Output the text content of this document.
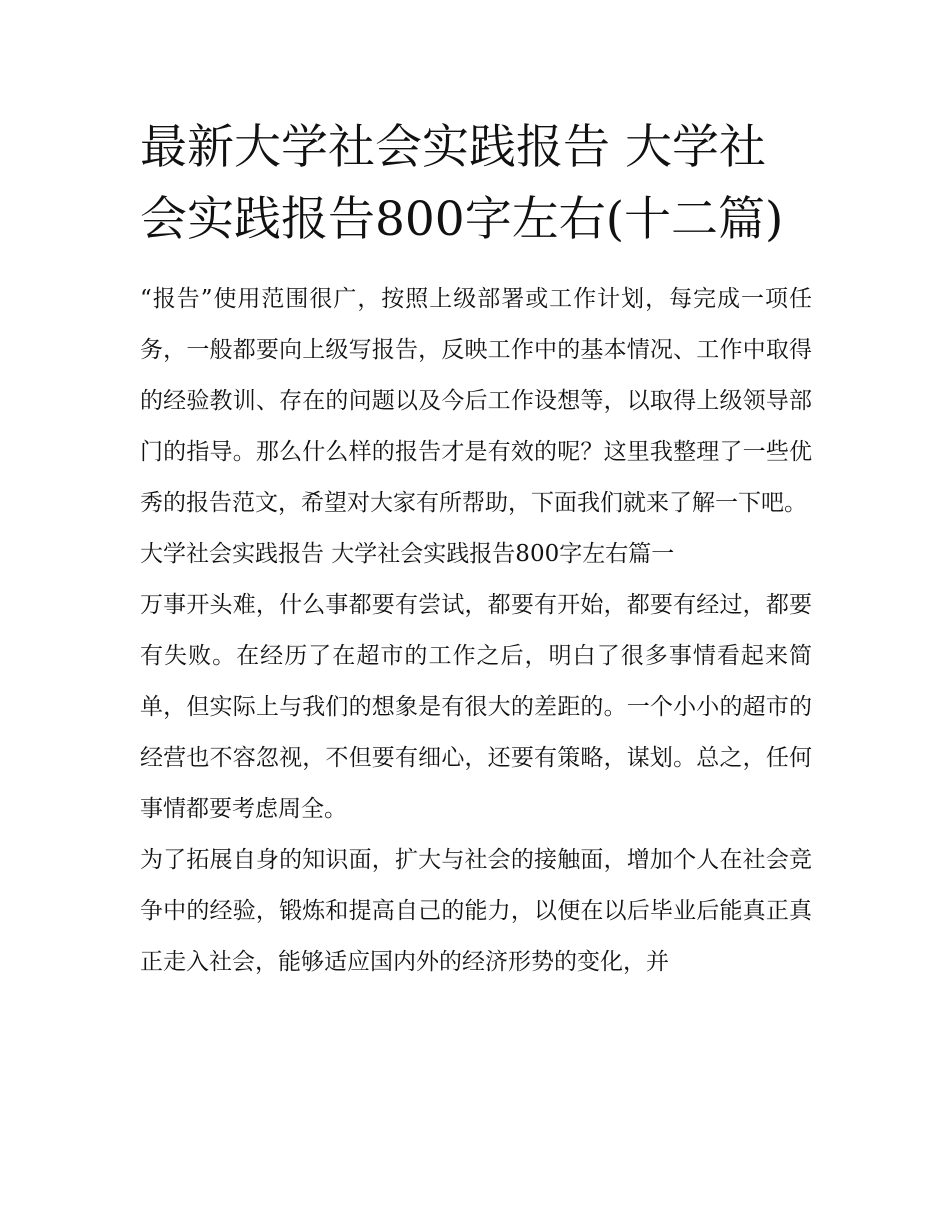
最新大学社会实践报告 大学社会实践报告800字左右(十二篇)

“报告”使用范围很广，按照上级部署或工作计划，每完成一项任务，一般都要向上级写报告，反映工作中的基本情况、工作中取得的经验教训、存在的问题以及今后工作设想等，以取得上级领导部门的指导。那么什么样的报告才是有效的呢？这里我整理了一些优秀的报告范文，希望对大家有所帮助，下面我们就来了解一下吧。

大学社会实践报告 大学社会实践报告800字左右篇一

万事开头难，什么事都要有尝试，都要有开始，都要有经过，都要有失败。在经历了在超市的工作之后，明白了很多事情看起来简单，但实际上与我们的想象是有很大的差距的。一个小小的超市的经营也不容忽视，不但要有细心，还要有策略，谋划。总之，任何事情都要考虑周全。

为了拓展自身的知识面，扩大与社会的接触面，增加个人在社会竞争中的经验，锻炼和提高自己的能力，以便在以后毕业后能真正真正走入社会，能够适应国内外的经济形势的变化，并
